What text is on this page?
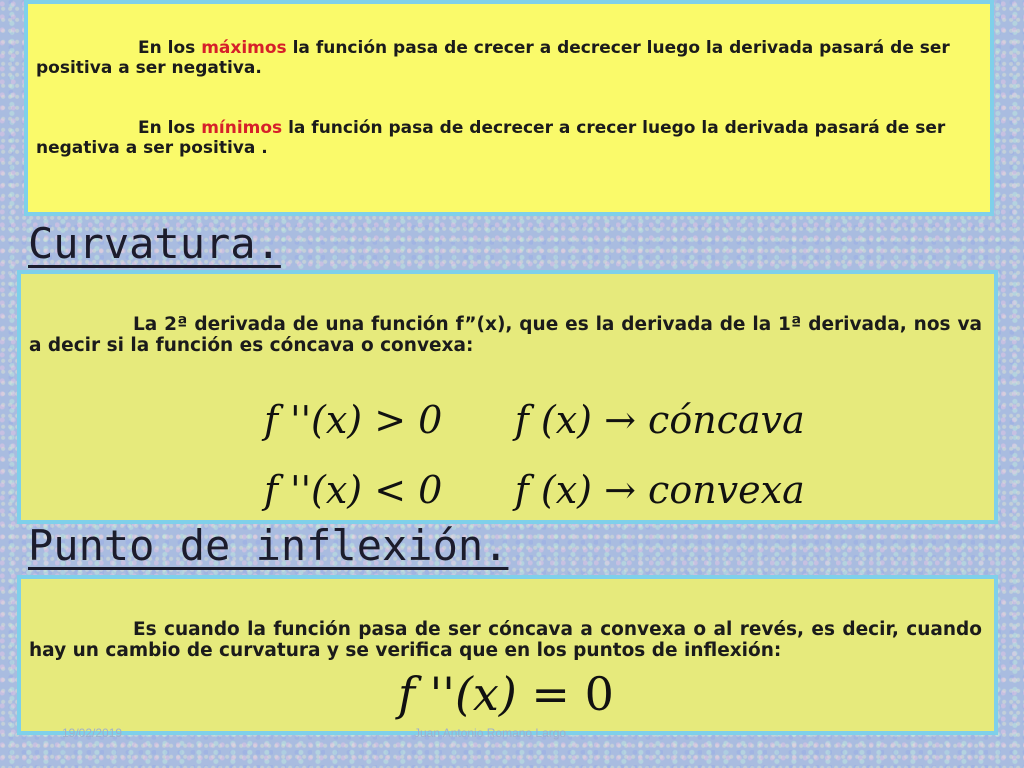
En los máximos la función pasa de crecer a decrecer luego la derivada pasará de ser positiva a ser negativa.

En los mínimos la función pasa de decrecer a crecer luego la derivada pasará de ser negativa a ser positiva .

Curvatura.

La 2ª derivada de una función f”(x), que es la derivada de la 1ª derivada, nos va a decir si la función es cóncava o convexa:

f ''(x) > 0 f (x) → cóncava
f ''(x) < 0 f (x) → convexa
Punto de inflexión.

Es cuando la función pasa de ser cóncava a convexa o al revés, es decir, cuando hay un cambio de curvatura y se verifica que en los puntos de inflexión:

f ''(x) = 0
19/02/2019	Juan Antonio Romano Largo
